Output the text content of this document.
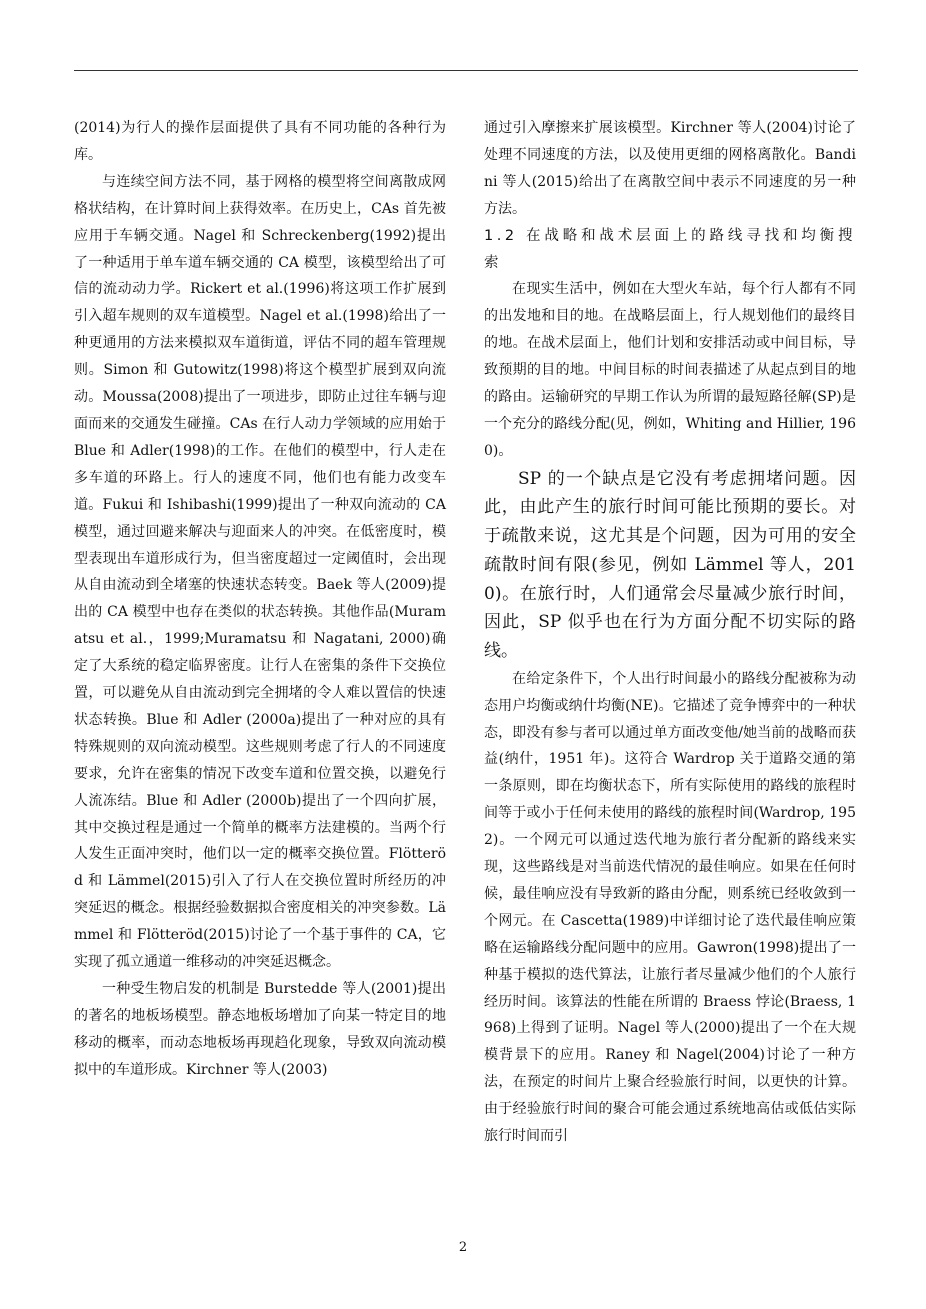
(2014)为行人的操作层面提供了具有不同功能的各种行为库。

与连续空间方法不同，基于网格的模型将空间离散成网格状结构，在计算时间上获得效率。在历史上，CAs 首先被应用于车辆交通。Nagel 和 Schreckenberg(1992)提出了一种适用于单车道车辆交通的 CA 模型，该模型给出了可信的流动动力学。Rickert et al.(1996)将这项工作扩展到引入超车规则的双车道模型。Nagel et al.(1998)给出了一种更通用的方法来模拟双车道街道，评估不同的超车管理规则。Simon 和 Gutowitz(1998)将这个模型扩展到双向流动。Moussa(2008)提出了一项进步，即防止过往车辆与迎面而来的交通发生碰撞。CAs 在行人动力学领域的应用始于 Blue 和 Adler(1998)的工作。在他们的模型中，行人走在多车道的环路上。行人的速度不同，他们也有能力改变车道。Fukui 和 Ishibashi(1999)提出了一种双向流动的 CA 模型，通过回避来解决与迎面来人的冲突。在低密度时，模型表现出车道形成行为，但当密度超过一定阈值时，会出现从自由流动到全堵塞的快速状态转变。Baek 等人(2009)提出的 CA 模型中也存在类似的状态转换。其他作品(Muramatsu et al.，1999;Muramatsu 和 Nagatani, 2000)确定了大系统的稳定临界密度。让行人在密集的条件下交换位置，可以避免从自由流动到完全拥堵的令人难以置信的快速状态转换。Blue 和 Adler (2000a)提出了一种对应的具有特殊规则的双向流动模型。这些规则考虑了行人的不同速度要求，允许在密集的情况下改变车道和位置交换，以避免行人流冻结。Blue 和 Adler (2000b)提出了一个四向扩展，其中交换过程是通过一个简单的概率方法建模的。当两个行人发生正面冲突时，他们以一定的概率交换位置。Flötteröd 和 Lämmel(2015)引入了行人在交换位置时所经历的冲突延迟的概念。根据经验数据拟合密度相关的冲突参数。Lämmel 和 Flötteröd(2015)讨论了一个基于事件的 CA，它实现了孤立通道一维移动的冲突延迟概念。

一种受生物启发的机制是 Burstedde 等人(2001)提出的著名的地板场模型。静态地板场增加了向某一特定目的地移动的概率，而动态地板场再现趋化现象，导致双向流动模拟中的车道形成。Kirchner 等人(2003)

通过引入摩擦来扩展该模型。Kirchner 等人(2004)讨论了处理不同速度的方法，以及使用更细的网格离散化。Bandini 等人(2015)给出了在离散空间中表示不同速度的另一种方法。

1.2 在战略和战术层面上的路线寻找和均衡搜索

在现实生活中，例如在大型火车站，每个行人都有不同的出发地和目的地。在战略层面上，行人规划他们的最终目的地。在战术层面上，他们计划和安排活动或中间目标，导致预期的目的地。中间目标的时间表描述了从起点到目的地的路由。运输研究的早期工作认为所谓的最短路径解(SP)是一个充分的路线分配(见，例如，Whiting and Hillier, 1960)。

SP 的一个缺点是它没有考虑拥堵问题。因此，由此产生的旅行时间可能比预期的要长。对于疏散来说，这尤其是个问题，因为可用的安全疏散时间有限(参见，例如 Lämmel 等人，2010)。在旅行时，人们通常会尽量减少旅行时间，因此，SP 似乎也在行为方面分配不切实际的路线。

在给定条件下，个人出行时间最小的路线分配被称为动态用户均衡或纳什均衡(NE)。它描述了竞争博弈中的一种状态，即没有参与者可以通过单方面改变他/她当前的战略而获益(纳什，1951 年)。这符合 Wardrop 关于道路交通的第一条原则，即在均衡状态下，所有实际使用的路线的旅程时间等于或小于任何未使用的路线的旅程时间(Wardrop, 1952)。一个网元可以通过迭代地为旅行者分配新的路线来实现，这些路线是对当前迭代情况的最佳响应。如果在任何时候，最佳响应没有导致新的路由分配，则系统已经收敛到一个网元。在 Cascetta(1989)中详细讨论了迭代最佳响应策略在运输路线分配问题中的应用。Gawron(1998)提出了一种基于模拟的迭代算法，让旅行者尽量减少他们的个人旅行经历时间。该算法的性能在所谓的 Braess 悖论(Braess, 1968)上得到了证明。Nagel 等人(2000)提出了一个在大规模背景下的应用。Raney 和 Nagel(2004)讨论了一种方法，在预定的时间片上聚合经验旅行时间，以更快的计算。由于经验旅行时间的聚合可能会通过系统地高估或低估实际旅行时间而引

2
